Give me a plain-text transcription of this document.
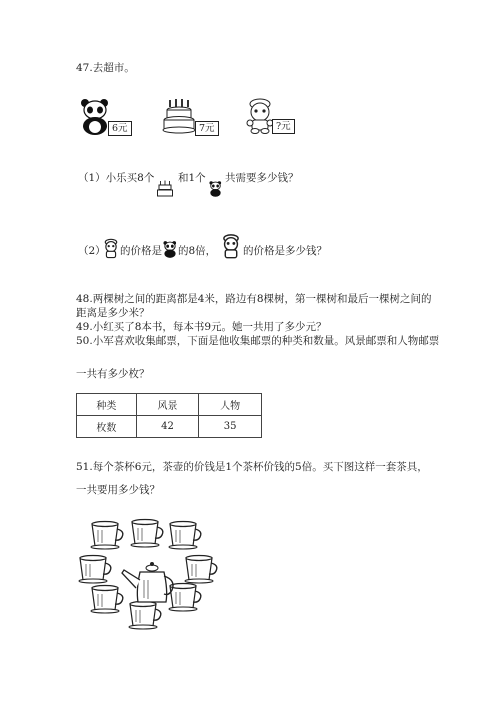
47.去超市。
6元	7元	?元
（1）小乐买8个 和1个 共需要多少钱？
（2） 的价格是 的8倍，	的价格是多少钱？
48.两棵树之间的距离都是4米，路边有8棵树，第一棵树和最后一棵树之间的
距离是多少米？
49.小红买了8本书，每本书9元。她一共用了多少元？
50.小军喜欢收集邮票，下面是他收集邮票的种类和数量。风景邮票和人物邮票
一共有多少枚？
种类	风景	人物
枚数	42	35
51.每个茶杯6元，茶壶的价钱是1个茶杯价钱的5倍。买下图这样一套茶具，
一共要用多少钱？
